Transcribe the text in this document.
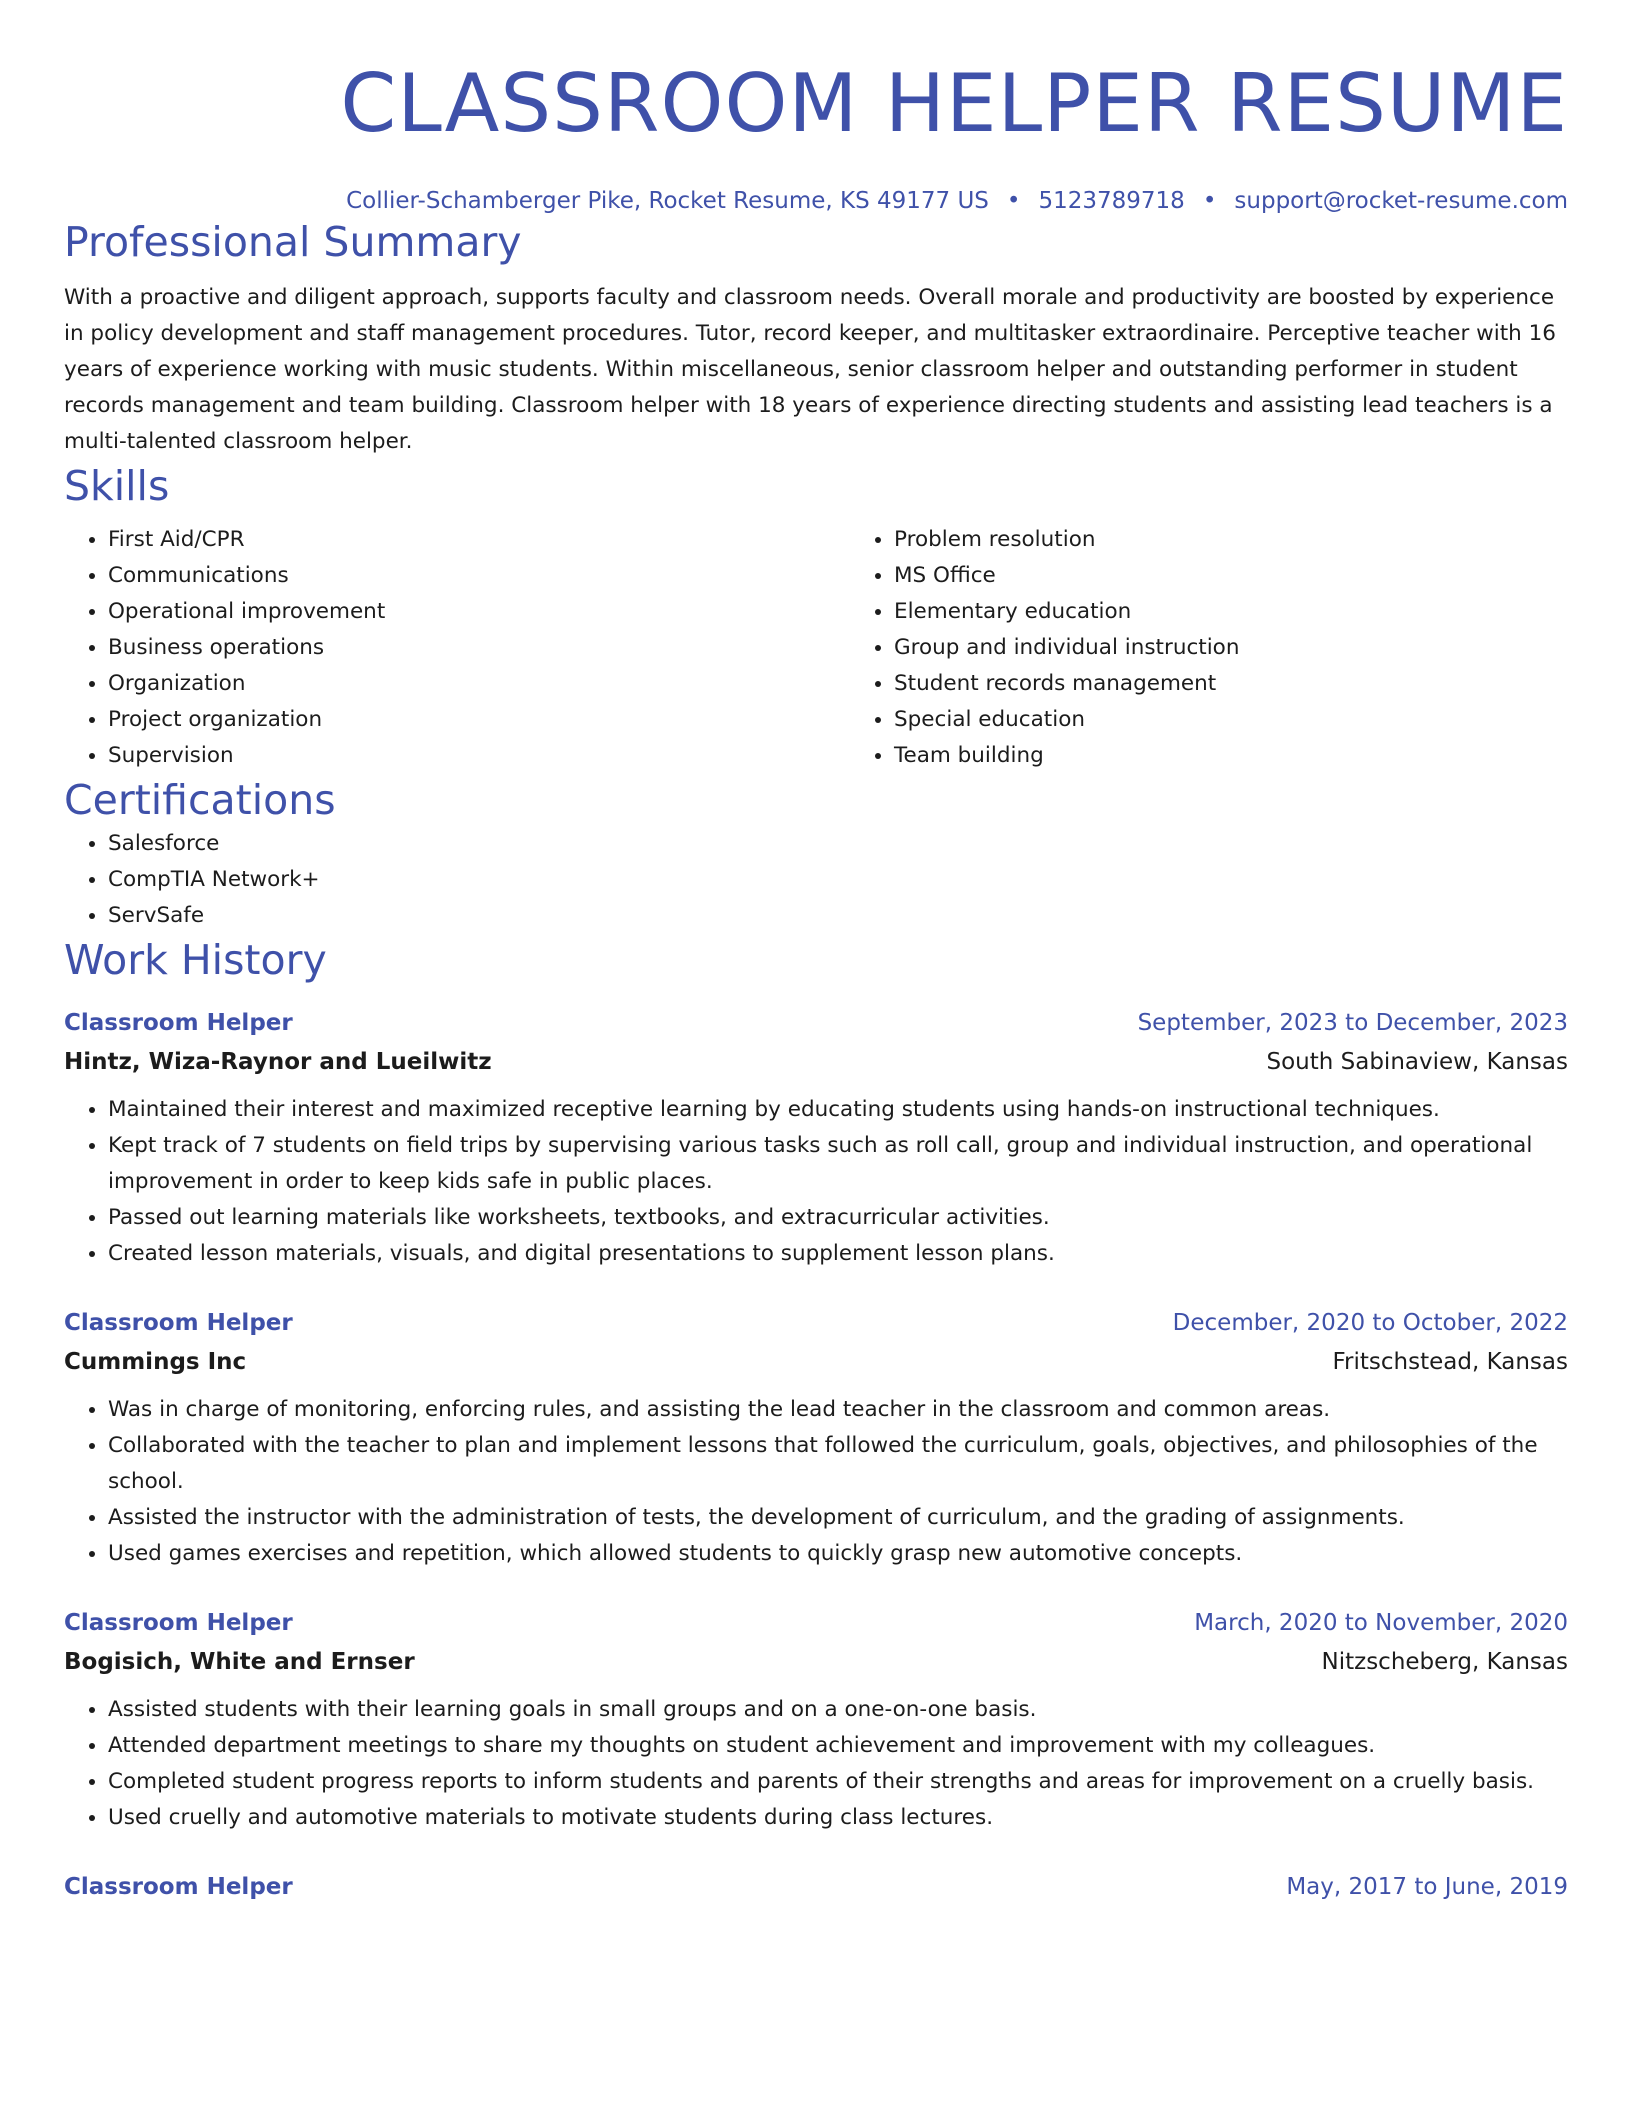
CLASSROOM HELPER RESUME
Collier-Schamberger Pike, Rocket Resume, KS 49177 US • 5123789718 • support@rocket-resume.com
Professional Summary
With a proactive and diligent approach, supports faculty and classroom needs. Overall morale and productivity are boosted by experience in policy development and staff management procedures. Tutor, record keeper, and multitasker extraordinaire. Perceptive teacher with 16 years of experience working with music students. Within miscellaneous, senior classroom helper and outstanding performer in student records management and team building. Classroom helper with 18 years of experience directing students and assisting lead teachers is a multi-talented classroom helper.
Skills
• First Aid/CPR
• Communications
• Operational improvement
• Business operations
• Organization
• Project organization
• Supervision
• Problem resolution
• MS Office
• Elementary education
• Group and individual instruction
• Student records management
• Special education
• Team building
Certifications
• Salesforce
• CompTIA Network+
• ServSafe
Work History
Classroom Helper	September, 2023 to December, 2023
Hintz, Wiza-Raynor and Lueilwitz	South Sabinaview, Kansas
• Maintained their interest and maximized receptive learning by educating students using hands-on instructional techniques.
• Kept track of 7 students on field trips by supervising various tasks such as roll call, group and individual instruction, and operational improvement in order to keep kids safe in public places.
• Passed out learning materials like worksheets, textbooks, and extracurricular activities.
• Created lesson materials, visuals, and digital presentations to supplement lesson plans.
Classroom Helper	December, 2020 to October, 2022
Cummings Inc	Fritschstead, Kansas
• Was in charge of monitoring, enforcing rules, and assisting the lead teacher in the classroom and common areas.
• Collaborated with the teacher to plan and implement lessons that followed the curriculum, goals, objectives, and philosophies of the school.
• Assisted the instructor with the administration of tests, the development of curriculum, and the grading of assignments.
• Used games exercises and repetition, which allowed students to quickly grasp new automotive concepts.
Classroom Helper	March, 2020 to November, 2020
Bogisich, White and Ernser	Nitzscheberg, Kansas
• Assisted students with their learning goals in small groups and on a one-on-one basis.
• Attended department meetings to share my thoughts on student achievement and improvement with my colleagues.
• Completed student progress reports to inform students and parents of their strengths and areas for improvement on a cruelly basis.
• Used cruelly and automotive materials to motivate students during class lectures.
Classroom Helper	May, 2017 to June, 2019
